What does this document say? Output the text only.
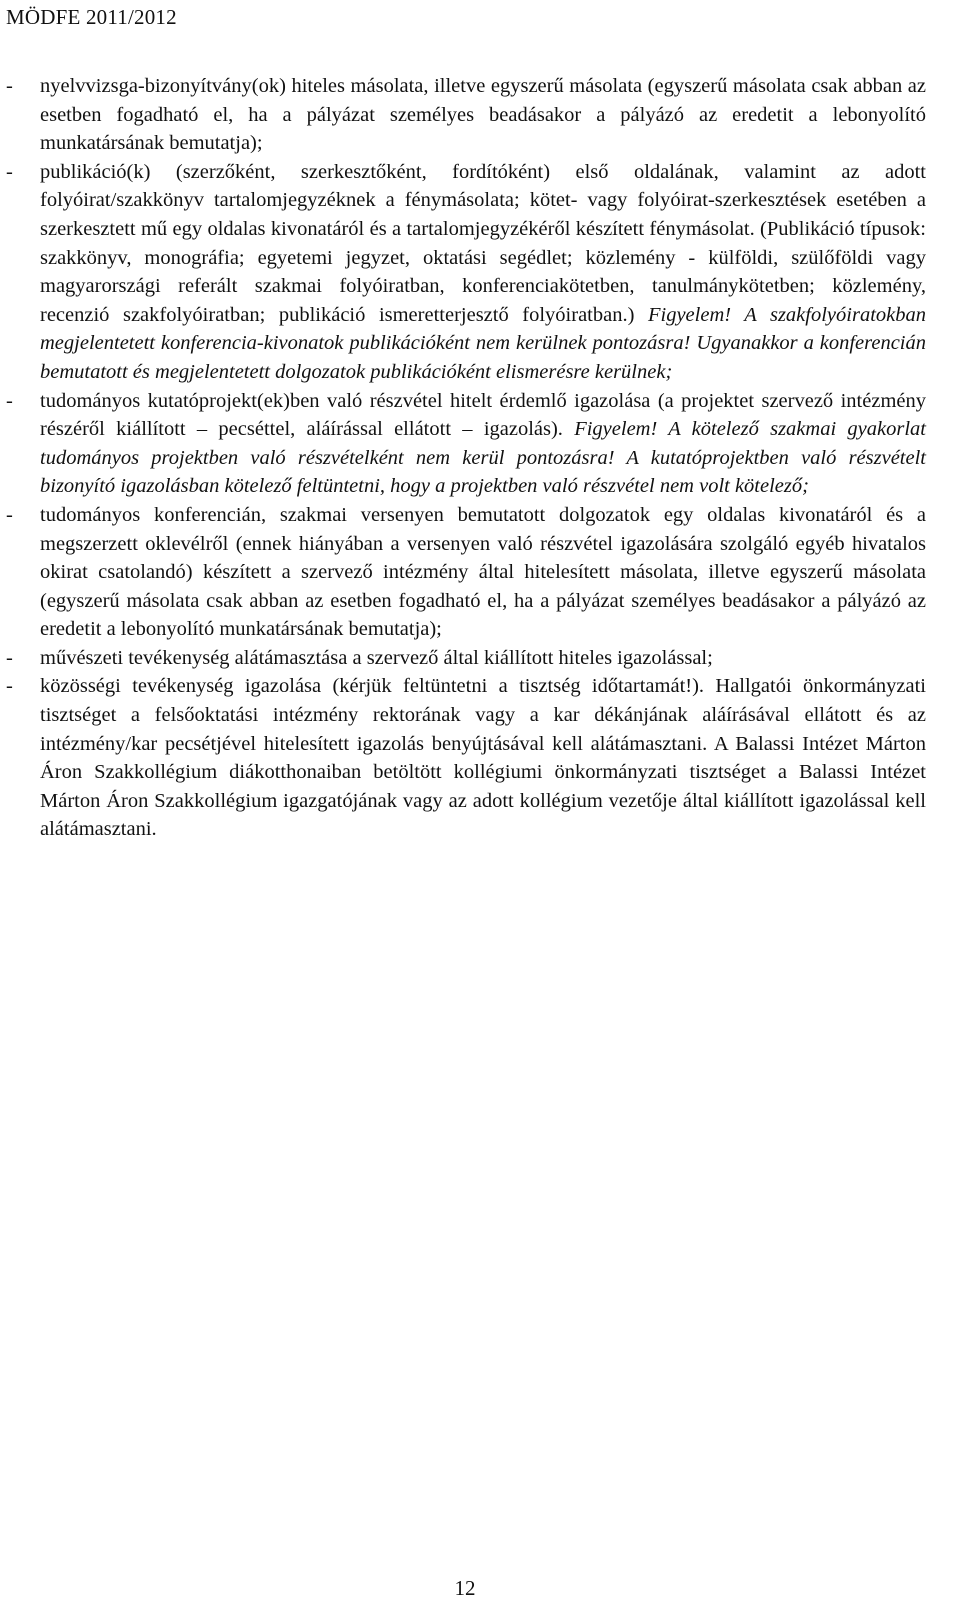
MÖDFE 2011/2012
- nyelvvizsga-bizonyítvány(ok) hiteles másolata, illetve egyszerű másolata (egyszerű másolata csak abban az esetben fogadható el, ha a pályázat személyes beadásakor a pályázó az eredetit a lebonyolító munkatársának bemutatja);
- publikáció(k) (szerzőként, szerkesztőként, fordítóként) első oldalának, valamint az adott folyóirat/szakkönyv tartalomjegyzéknek a fénymásolata; kötet- vagy folyóirat-szerkesztések esetében a szerkesztett mű egy oldalas kivonatáról és a tartalomjegyzékéről készített fénymásolat. (Publikáció típusok: szakkönyv, monográfia; egyetemi jegyzet, oktatási segédlet; közlemény - külföldi, szülőföldi vagy magyarországi referált szakmai folyóiratban, konferenciakötetben, tanulmánykötetben; közlemény, recenzió szakfolyóiratban; publikáció ismeretterjesztő folyóiratban.) Figyelem! A szakfolyóiratokban megjelentetett konferencia-kivonatok publikációként nem kerülnek pontozásra! Ugyanakkor a konferencián bemutatott és megjelentetett dolgozatok publikációként elismerésre kerülnek;
- tudományos kutatóprojekt(ek)ben való részvétel hitelt érdemlő igazolása (a projektet szervező intézmény részéről kiállított – pecséttel, aláírással ellátott – igazolás). Figyelem! A kötelező szakmai gyakorlat tudományos projektben való részvételként nem kerül pontozásra! A kutatóprojektben való részvételt bizonyító igazolásban kötelező feltüntetni, hogy a projektben való részvétel nem volt kötelező;
- tudományos konferencián, szakmai versenyen bemutatott dolgozatok egy oldalas kivonatáról és a megszerzett oklevélről (ennek hiányában a versenyen való részvétel igazolására szolgáló egyéb hivatalos okirat csatolandó) készített a szervező intézmény által hitelesített másolata, illetve egyszerű másolata (egyszerű másolata csak abban az esetben fogadható el, ha a pályázat személyes beadásakor a pályázó az eredetit a lebonyolító munkatársának bemutatja);
- művészeti tevékenység alátámasztása a szervező által kiállított hiteles igazolással;
- közösségi tevékenység igazolása (kérjük feltüntetni a tisztség időtartamát!). Hallgatói önkormányzati tisztséget a felsőoktatási intézmény rektorának vagy a kar dékánjának aláírásával ellátott és az intézmény/kar pecsétjével hitelesített igazolás benyújtásával kell alátámasztani. A Balassi Intézet Márton Áron Szakkollégium diákotthonaiban betöltött kollégiumi önkormányzati tisztséget a Balassi Intézet Márton Áron Szakkollégium igazgatójának vagy az adott kollégium vezetője által kiállított igazolással kell alátámasztani.
12
